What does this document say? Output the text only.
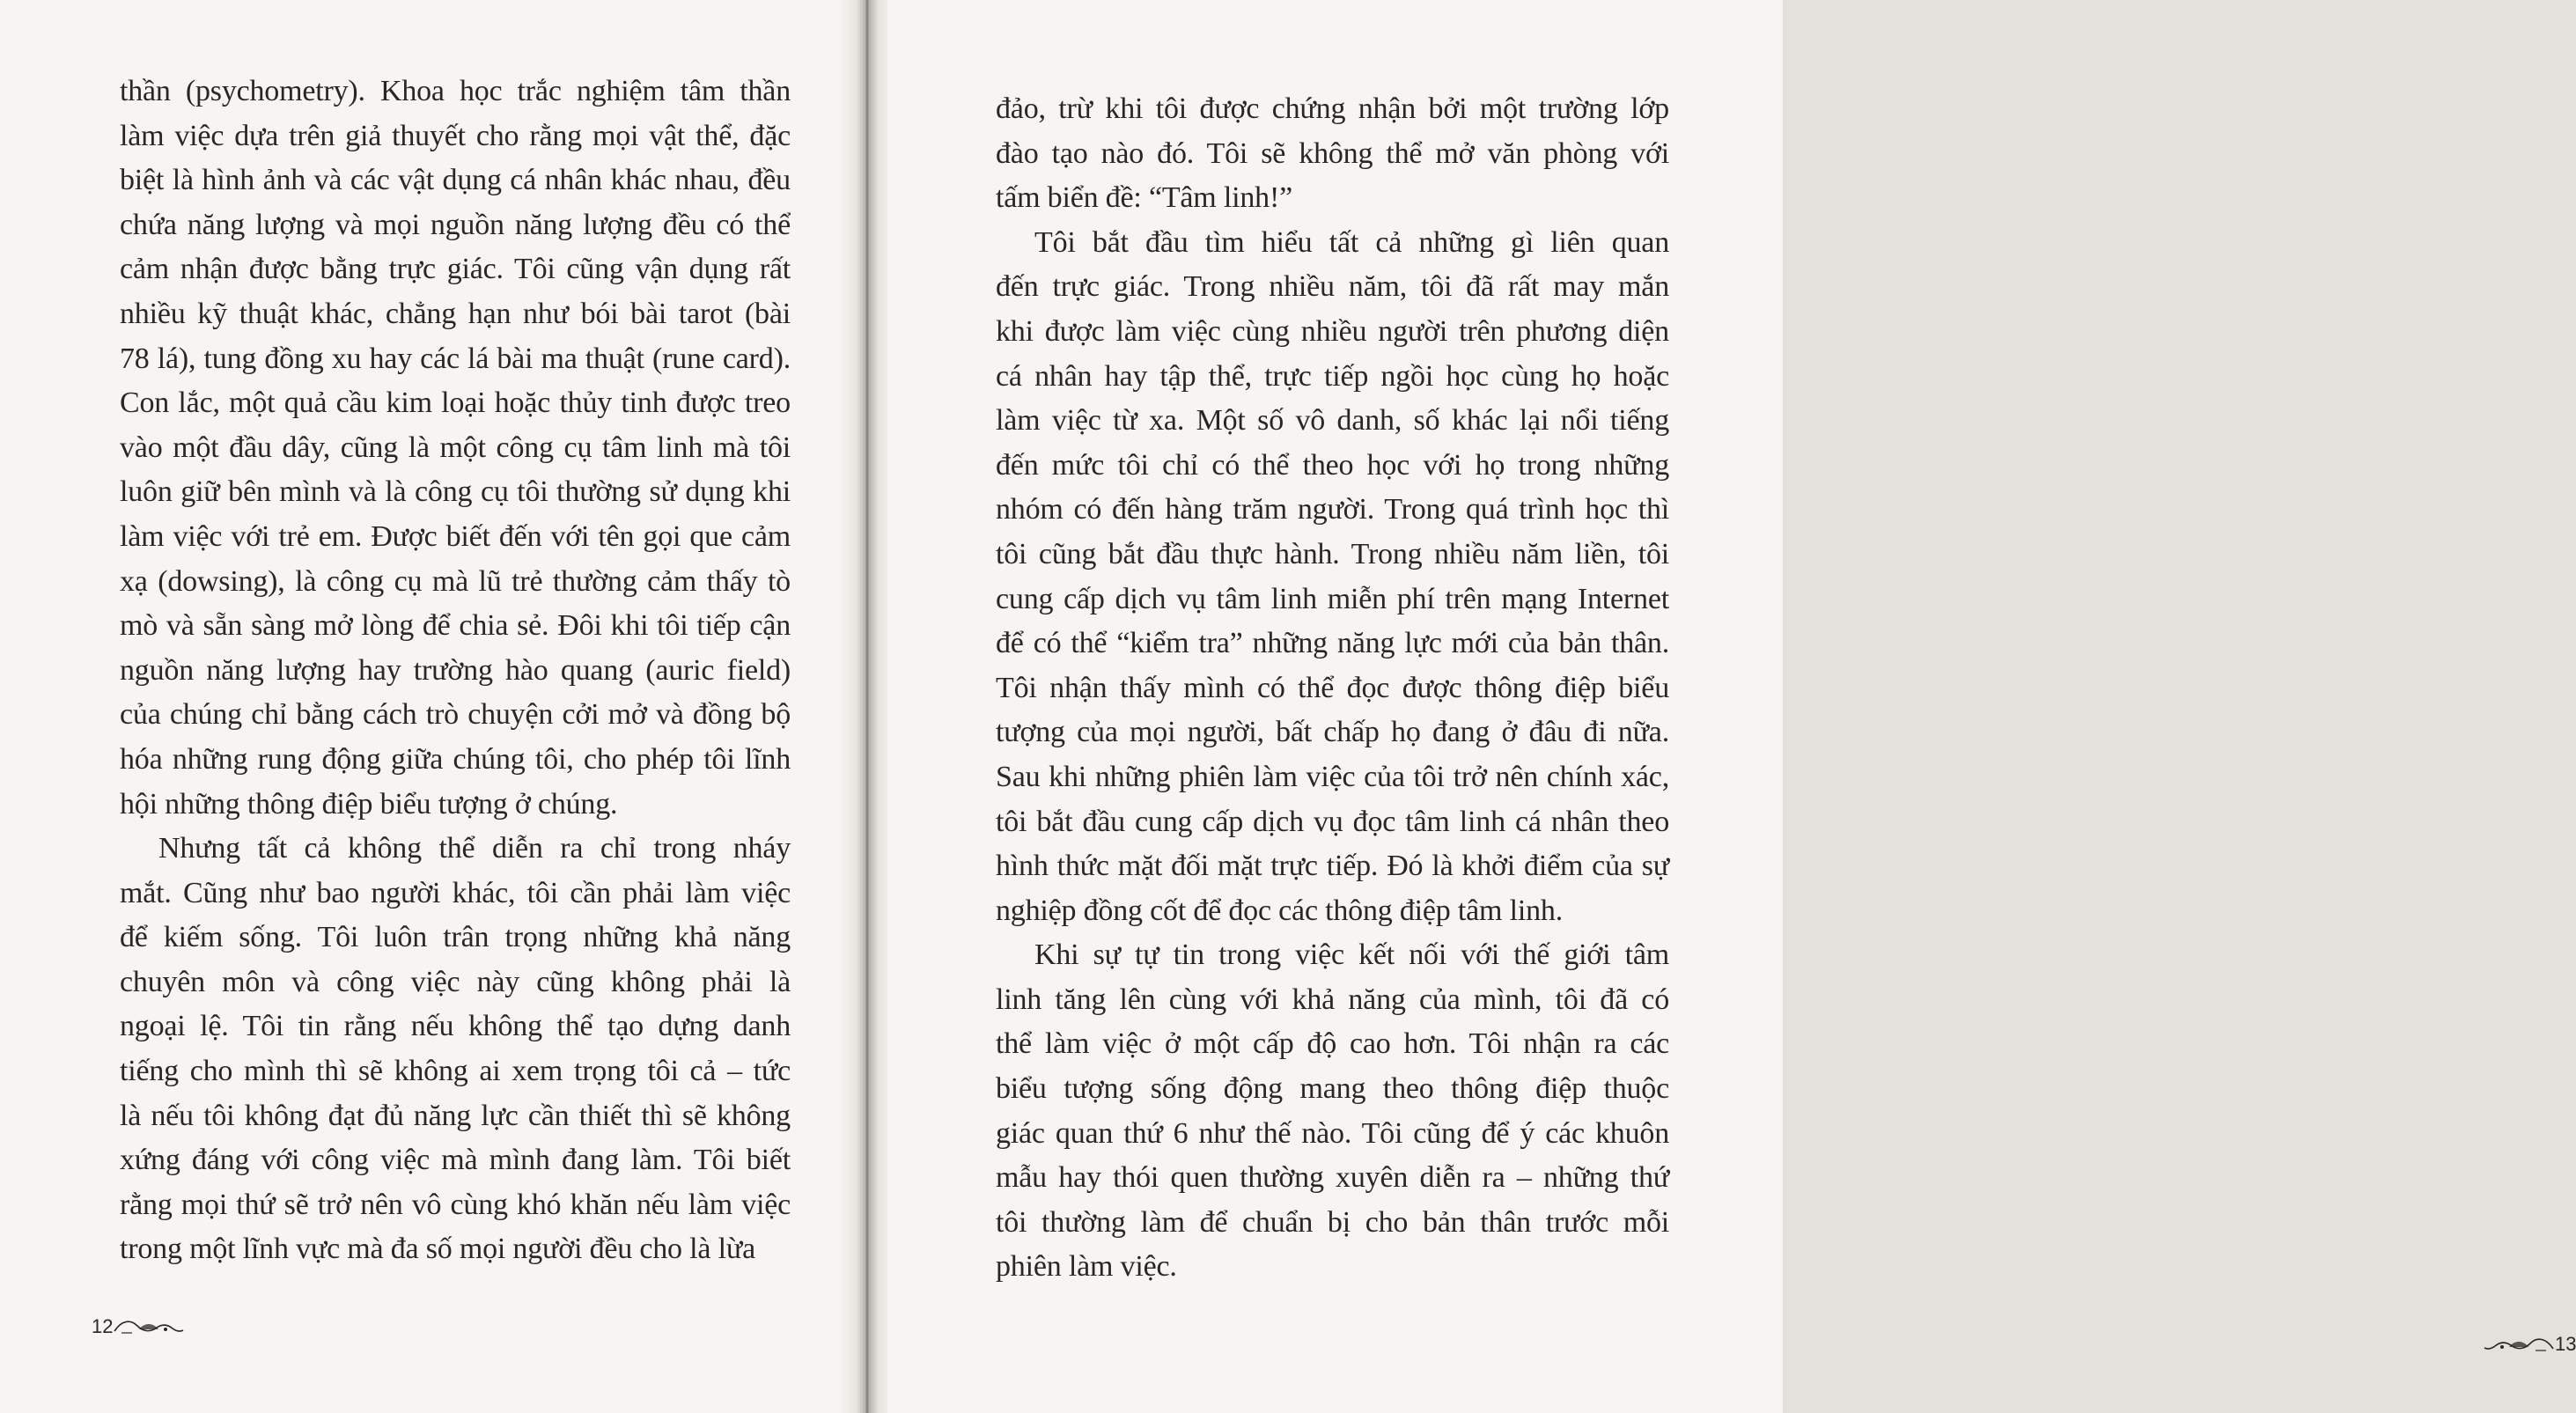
thần (psychometry). Khoa học trắc nghiệm tâm thần
làm việc dựa trên giả thuyết cho rằng mọi vật thể, đặc
biệt là hình ảnh và các vật dụng cá nhân khác nhau, đều
chứa năng lượng và mọi nguồn năng lượng đều có thể
cảm nhận được bằng trực giác. Tôi cũng vận dụng rất
nhiều kỹ thuật khác, chẳng hạn như bói bài tarot (bài
78 lá), tung đồng xu hay các lá bài ma thuật (rune card).
Con lắc, một quả cầu kim loại hoặc thủy tinh được treo
vào một đầu dây, cũng là một công cụ tâm linh mà tôi
luôn giữ bên mình và là công cụ tôi thường sử dụng khi
làm việc với trẻ em. Được biết đến với tên gọi que cảm
xạ (dowsing), là công cụ mà lũ trẻ thường cảm thấy tò
mò và sẵn sàng mở lòng để chia sẻ. Đôi khi tôi tiếp cận
nguồn năng lượng hay trường hào quang (auric field)
của chúng chỉ bằng cách trò chuyện cởi mở và đồng bộ
hóa những rung động giữa chúng tôi, cho phép tôi lĩnh
hội những thông điệp biểu tượng ở chúng.
Nhưng tất cả không thể diễn ra chỉ trong nháy
mắt. Cũng như bao người khác, tôi cần phải làm việc
để kiếm sống. Tôi luôn trân trọng những khả năng
chuyên môn và công việc này cũng không phải là
ngoại lệ. Tôi tin rằng nếu không thể tạo dựng danh
tiếng cho mình thì sẽ không ai xem trọng tôi cả – tức
là nếu tôi không đạt đủ năng lực cần thiết thì sẽ không
xứng đáng với công việc mà mình đang làm. Tôi biết
rằng mọi thứ sẽ trở nên vô cùng khó khăn nếu làm việc
trong một lĩnh vực mà đa số mọi người đều cho là lừa
12
đảo, trừ khi tôi được chứng nhận bởi một trường lớp
đào tạo nào đó. Tôi sẽ không thể mở văn phòng với
tấm biển đề: “Tâm linh!”
Tôi bắt đầu tìm hiểu tất cả những gì liên quan
đến trực giác. Trong nhiều năm, tôi đã rất may mắn
khi được làm việc cùng nhiều người trên phương diện
cá nhân hay tập thể, trực tiếp ngồi học cùng họ hoặc
làm việc từ xa. Một số vô danh, số khác lại nổi tiếng
đến mức tôi chỉ có thể theo học với họ trong những
nhóm có đến hàng trăm người. Trong quá trình học thì
tôi cũng bắt đầu thực hành. Trong nhiều năm liền, tôi
cung cấp dịch vụ tâm linh miễn phí trên mạng Internet
để có thể “kiểm tra” những năng lực mới của bản thân.
Tôi nhận thấy mình có thể đọc được thông điệp biểu
tượng của mọi người, bất chấp họ đang ở đâu đi nữa.
Sau khi những phiên làm việc của tôi trở nên chính xác,
tôi bắt đầu cung cấp dịch vụ đọc tâm linh cá nhân theo
hình thức mặt đối mặt trực tiếp. Đó là khởi điểm của sự
nghiệp đồng cốt để đọc các thông điệp tâm linh.
Khi sự tự tin trong việc kết nối với thế giới tâm
linh tăng lên cùng với khả năng của mình, tôi đã có
thể làm việc ở một cấp độ cao hơn. Tôi nhận ra các
biểu tượng sống động mang theo thông điệp thuộc
giác quan thứ 6 như thế nào. Tôi cũng để ý các khuôn
mẫu hay thói quen thường xuyên diễn ra – những thứ
tôi thường làm để chuẩn bị cho bản thân trước mỗi
phiên làm việc.
13
